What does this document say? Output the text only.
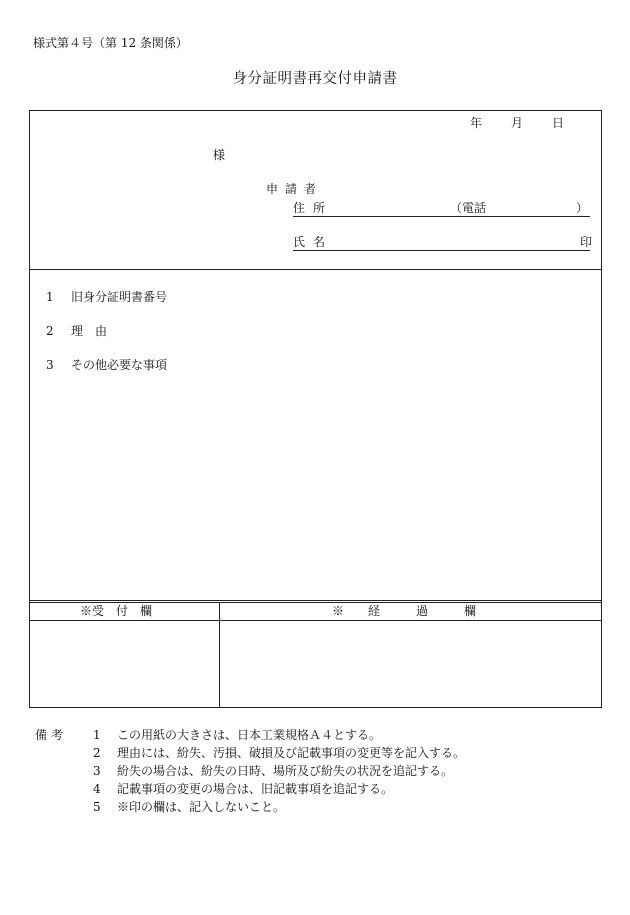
様式第４号（第 12 条関係）
身分証明書再交付申請書
年 月 日
様
申請者
住所	（電話	）
氏名	印
1 旧身分証明書番号
2 理　由
3 その他必要な事項
※受　付　欄	※　　経　　　過　　　欄
備考 1 この用紙の大きさは、日本工業規格Ａ４とする。
2 理由には、紛失、汚損、破損及び記載事項の変更等を記入する。
3 紛失の場合は、紛失の日時、場所及び紛失の状況を追記する。
4 記載事項の変更の場合は、旧記載事項を追記する。
5 ※印の欄は、記入しないこと。
